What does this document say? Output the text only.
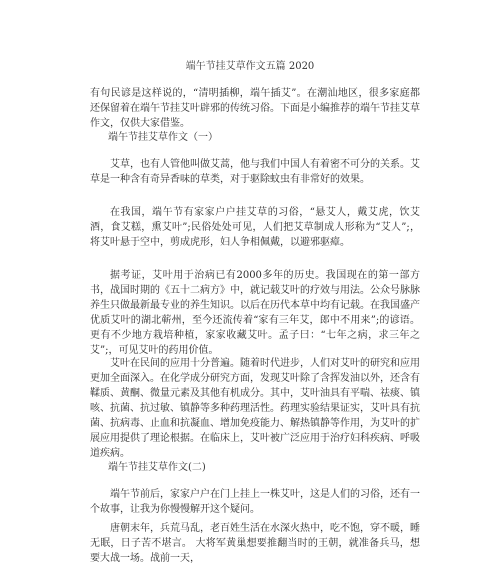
端午节挂艾草作文五篇 2020

有句民谚是这样说的，“清明插柳，端午插艾”。在潮汕地区，很多家庭都还保留着在端午节挂艾叶辟邪的传统习俗。下面是小编推荐的端午节挂艾草作文，仅供大家借鉴。

端午节挂艾草作文（一）

艾草，也有人管他叫做艾蒿，他与我们中国人有着密不可分的关系。艾草是一种含有奇异香味的草类，对于驱除蚊虫有非常好的效果。

在我国，端午节有家家户户挂艾草的习俗，“悬艾人，戴艾虎，饮艾酒，食艾糕，熏艾叶”;民俗处处可见，人们把艾草制成人形称为“艾人”;，将艾叶悬于空中，剪成虎形，妇人争相佩戴，以避邪驱瘴。

据考证，艾叶用于治病已有2000多年的历史。我国现在的第一部方书，战国时期的《五十二病方》中，就记载艾叶的疗效与用法。公众号脉脉养生只做最新最专业的养生知识。以后在历代本草中均有记载。在我国盛产优质艾叶的湖北蕲州，至今还流传着“家有三年艾，郎中不用来”;的谚语。更有不少地方栽培种植，家家收藏艾叶。孟子曰：“七年之病，求三年之艾”;，可见艾叶的药用价值。

艾叶在民间的应用十分普遍。随着时代进步，人们对艾叶的研究和应用更加全面深入。在化学成分研究方面，发现艾叶除了含挥发油以外，还含有鞣质、黄酮、微量元素及其他有机成分。其中，艾叶油具有平喘、祛痰、镇咳、抗菌、抗过敏、镇静等多种药理活性。药理实验结果证实，艾叶具有抗菌、抗病毒、止血和抗凝血、增加免疫能力、解热镇静等作用，为艾叶的扩展应用提供了理论根据。在临床上，艾叶被广泛应用于治疗妇科疾病、呼吸道疾病。

端午节挂艾草作文(二)

端午节前后，家家户户在门上挂上一株艾叶，这是人们的习俗，还有一个故事，让我为你慢慢解开这个疑问。

唐朝末年，兵荒马乱，老百姓生活在水深火热中，吃不饱，穿不暖，睡无眠，日子苦不堪言。 大将军黄巢想要推翻当时的王朝，就准备兵马，想要大战一场。战前一天，
